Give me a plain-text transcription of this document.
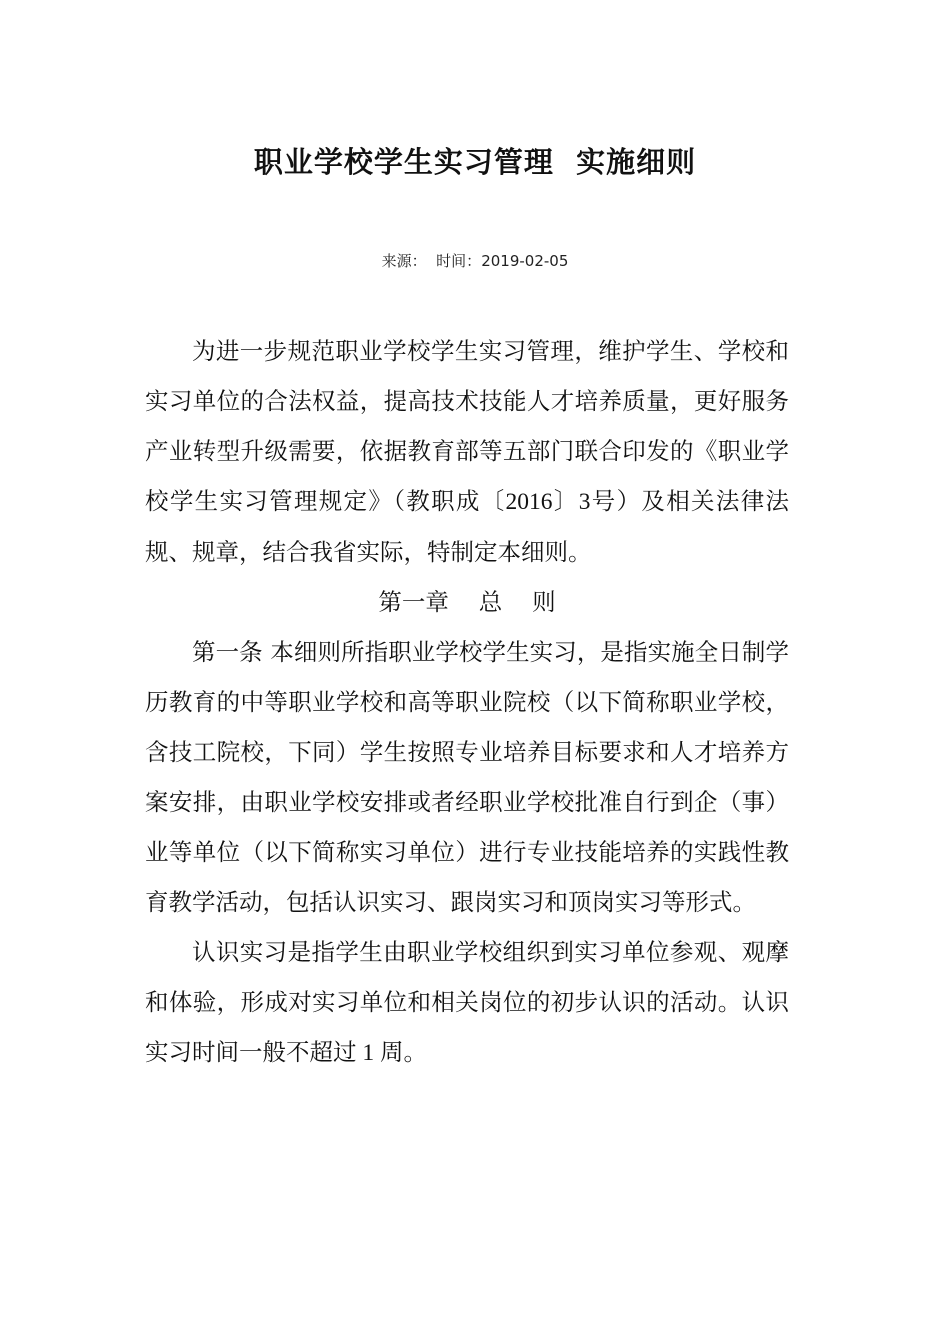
职业学校学生实习管理  实施细则
来源： 时间：2019-02-05

为进一步规范职业学校学生实习管理，维护学生、学校和实习单位的合法权益，提高技术技能人才培养质量，更好服务产业转型升级需要，依据教育部等五部门联合印发的《职业学校学生实习管理规定》（教职成〔2016〕3号）及相关法律法规、规章，结合我省实际，特制定本细则。

第一章    总    则

第一条 本细则所指职业学校学生实习，是指实施全日制学历教育的中等职业学校和高等职业院校（以下简称职业学校，含技工院校，下同）学生按照专业培养目标要求和人才培养方案安排，由职业学校安排或者经职业学校批准自行到企（事）业等单位（以下简称实习单位）进行专业技能培养的实践性教育教学活动，包括认识实习、跟岗实习和顶岗实习等形式。

认识实习是指学生由职业学校组织到实习单位参观、观摩和体验，形成对实习单位和相关岗位的初步认识的活动。认识实习时间一般不超过 1 周。
